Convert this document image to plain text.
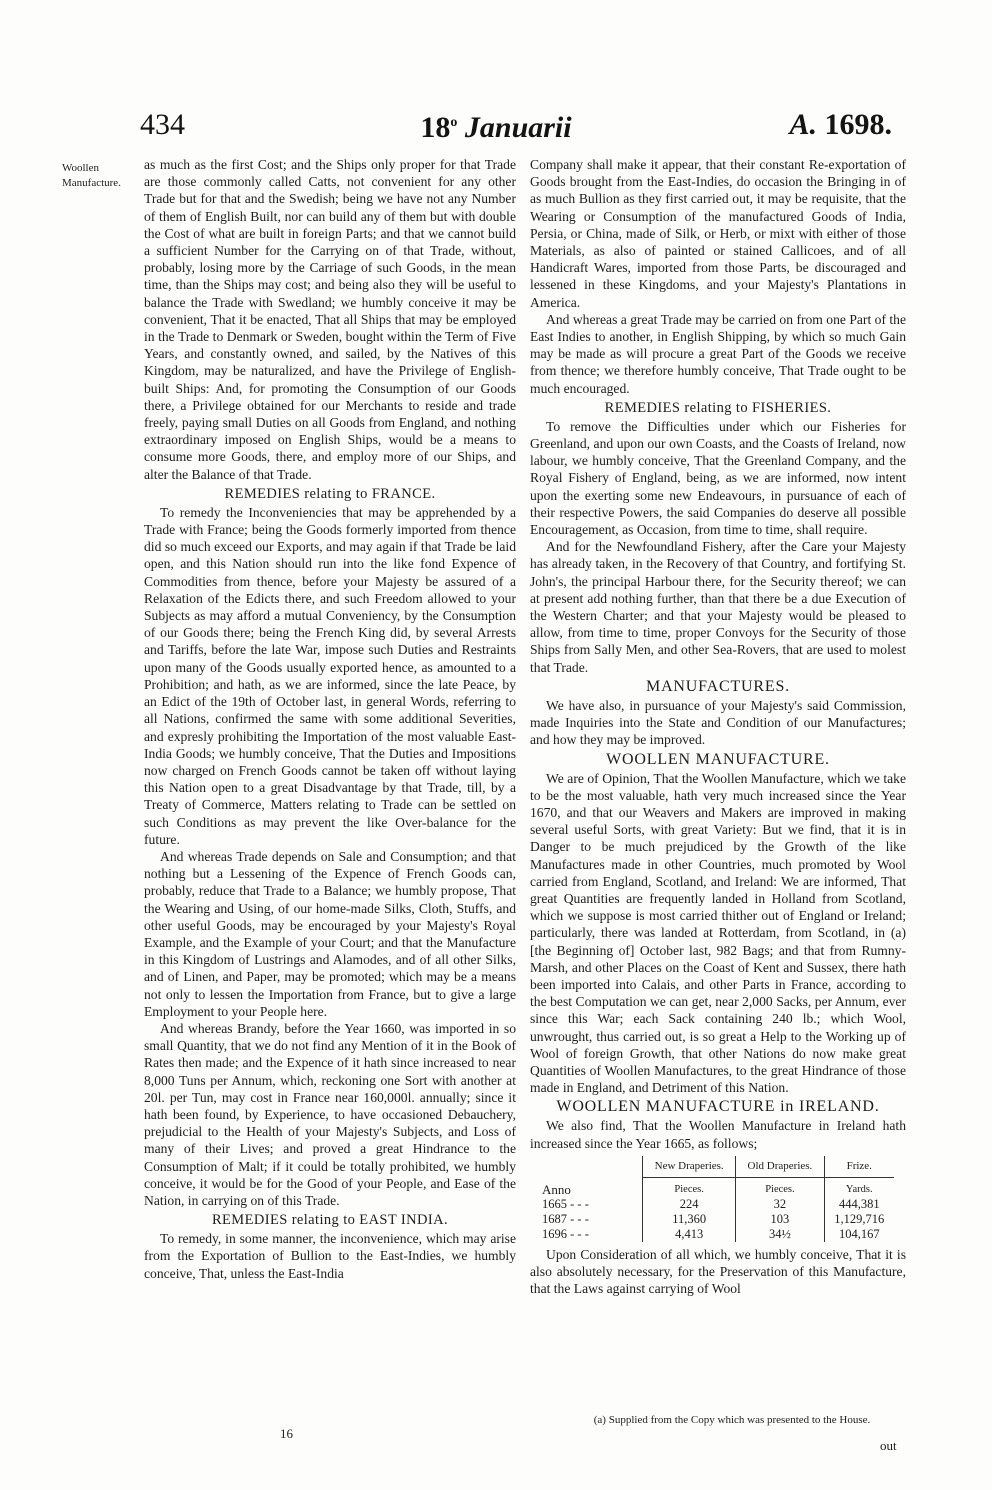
434	18$^o$ Januarii	A. 1698.
Woollen Manufacture.

as much as the first Cost; and the Ships only proper for that Trade are those commonly called Catts, not convenient for any other Trade but for that and the Swedish; being we have not any Number of them of English Built, nor can build any of them but with double the Cost of what are built in foreign Parts; and that we cannot build a sufficient Number for the Carrying on of that Trade, without, probably, losing more by the Carriage of such Goods, in the mean time, than the Ships may cost; and being also they will be useful to balance the Trade with Swedland; we humbly conceive it may be convenient, That it be enacted, That all Ships that may be employed in the Trade to Denmark or Sweden, bought within the Term of Five Years, and constantly owned, and sailed, by the Natives of this Kingdom, may be naturalized, and have the Privilege of English-built Ships: And, for promoting the Consumption of our Goods there, a Privilege obtained for our Merchants to reside and trade freely, paying small Duties on all Goods from England, and nothing extraordinary imposed on English Ships, would be a means to consume more Goods, there, and employ more of our Ships, and alter the Balance of that Trade.

REMEDIES relating to FRANCE.

To remedy the Inconveniencies that may be apprehended by a Trade with France; being the Goods formerly imported from thence did so much exceed our Exports, and may again if that Trade be laid open, and this Nation should run into the like fond Expence of Commodities from thence, before your Majesty be assured of a Relaxation of the Edicts there, and such Freedom allowed to your Subjects as may afford a mutual Conveniency, by the Consumption of our Goods there; being the French King did, by several Arrests and Tariffs, before the late War, impose such Duties and Restraints upon many of the Goods usually exported hence, as amounted to a Prohibition; and hath, as we are informed, since the late Peace, by an Edict of the 19th of October last, in general Words, referring to all Nations, confirmed the same with some additional Severities, and expresly prohibiting the Importation of the most valuable East-India Goods; we humbly conceive, That the Duties and Impositions now charged on French Goods cannot be taken off without laying this Nation open to a great Disadvantage by that Trade, till, by a Treaty of Commerce, Matters relating to Trade can be settled on such Conditions as may prevent the like Over-balance for the future.

And whereas Trade depends on Sale and Consumption; and that nothing but a Lessening of the Expence of French Goods can, probably, reduce that Trade to a Balance; we humbly propose, That the Wearing and Using, of our home-made Silks, Cloth, Stuffs, and other useful Goods, may be encouraged by your Majesty's Royal Example, and the Example of your Court; and that the Manufacture in this Kingdom of Lustrings and Alamodes, and of all other Silks, and of Linen, and Paper, may be promoted; which may be a means not only to lessen the Importation from France, but to give a large Employment to your People here.

And whereas Brandy, before the Year 1660, was imported in so small Quantity, that we do not find any Mention of it in the Book of Rates then made; and the Expence of it hath since increased to near 8,000 Tuns per Annum, which, reckoning one Sort with another at 20l. per Tun, may cost in France near 160,000l. annually; since it hath been found, by Experience, to have occasioned Debauchery, prejudicial to the Health of your Majesty's Subjects, and Loss of many of their Lives; and proved a great Hindrance to the Consumption of Malt; if it could be totally prohibited, we humbly conceive, it would be for the Good of your People, and Ease of the Nation, in carrying on of this Trade.

REMEDIES relating to EAST INDIA.

To remedy, in some manner, the inconvenience, which may arise from the Exportation of Bullion to the East-Indies, we humbly conceive, That, unless the East-India

Company shall make it appear, that their constant Re-exportation of Goods brought from the East-Indies, do occasion the Bringing in of as much Bullion as they first carried out, it may be requisite, that the Wearing or Consumption of the manufactured Goods of India, Persia, or China, made of Silk, or Herb, or mixt with either of those Materials, as also of painted or stained Callicoes, and of all Handicraft Wares, imported from those Parts, be discouraged and lessened in these Kingdoms, and your Majesty's Plantations in America.

And whereas a great Trade may be carried on from one Part of the East Indies to another, in English Shipping, by which so much Gain may be made as will procure a great Part of the Goods we receive from thence; we therefore humbly conceive, That Trade ought to be much encouraged.

REMEDIES relating to FISHERIES.

To remove the Difficulties under which our Fisheries for Greenland, and upon our own Coasts, and the Coasts of Ireland, now labour, we humbly conceive, That the Greenland Company, and the Royal Fishery of England, being, as we are informed, now intent upon the exerting some new Endeavours, in pursuance of each of their respective Powers, the said Companies do deserve all possible Encouragement, as Occasion, from time to time, shall require.

And for the Newfoundland Fishery, after the Care your Majesty has already taken, in the Recovery of that Country, and fortifying St. John's, the principal Harbour there, for the Security thereof; we can at present add nothing further, than that there be a due Execution of the Western Charter; and that your Majesty would be pleased to allow, from time to time, proper Convoys for the Security of those Ships from Sally Men, and other Sea-Rovers, that are used to molest that Trade.

MANUFACTURES.

We have also, in pursuance of your Majesty's said Commission, made Inquiries into the State and Condition of our Manufactures; and how they may be improved.

WOOLLEN MANUFACTURE.

We are of Opinion, That the Woollen Manufacture, which we take to be the most valuable, hath very much increased since the Year 1670, and that our Weavers and Makers are improved in making several useful Sorts, with great Variety: But we find, that it is in Danger to be much prejudiced by the Growth of the like Manufactures made in other Countries, much promoted by Wool carried from England, Scotland, and Ireland: We are informed, That great Quantities are frequently landed in Holland from Scotland, which we suppose is most carried thither out of England or Ireland; particularly, there was landed at Rotterdam, from Scotland, in (a) [the Beginning of] October last, 982 Bags; and that from Rumny-Marsh, and other Places on the Coast of Kent and Sussex, there hath been imported into Calais, and other Parts in France, according to the best Computation we can get, near 2,000 Sacks, per Annum, ever since this War; each Sack containing 240 lb.; which Wool, unwrought, thus carried out, is so great a Help to the Working up of Wool of foreign Growth, that other Nations do now make great Quantities of Woollen Manufactures, to the great Hindrance of those made in England, and Detriment of this Nation.

WOOLLEN MANUFACTURE in IRELAND.

We also find, That the Woollen Manufacture in Ireland hath increased since the Year 1665, as follows;

	New Draperies.	Old Draperies.	Frize.
Anno	Pieces.	Pieces.	Yards.
1665 - - -	224	32	444,381
1687 - - -	11,360	103	1,129,716
1696 - - -	4,413	34½	104,167

Upon Consideration of all which, we humbly conceive, That it is also absolutely necessary, for the Preservation of this Manufacture, that the Laws against carrying of Wool

(a) Supplied from the Copy which was presented to the House.
out
16
